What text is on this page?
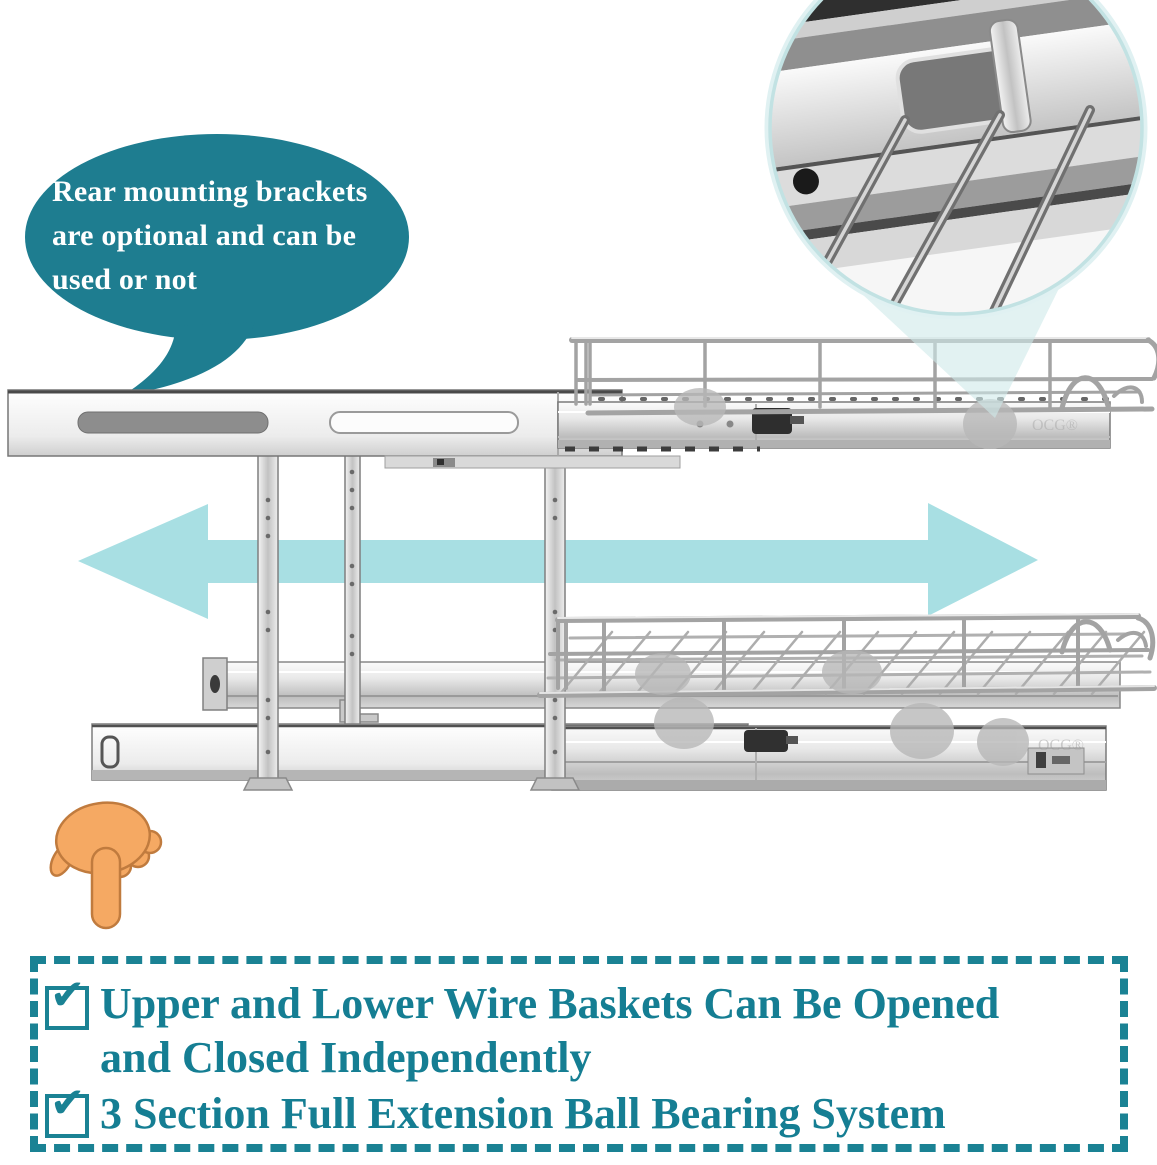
OCG®
OCG®
Rear mounting brackets
are optional and can be
used or not
✔ Upper and Lower Wire Baskets Can Be Opened
and Closed Independently
✔ 3 Section Full Extension Ball Bearing System
